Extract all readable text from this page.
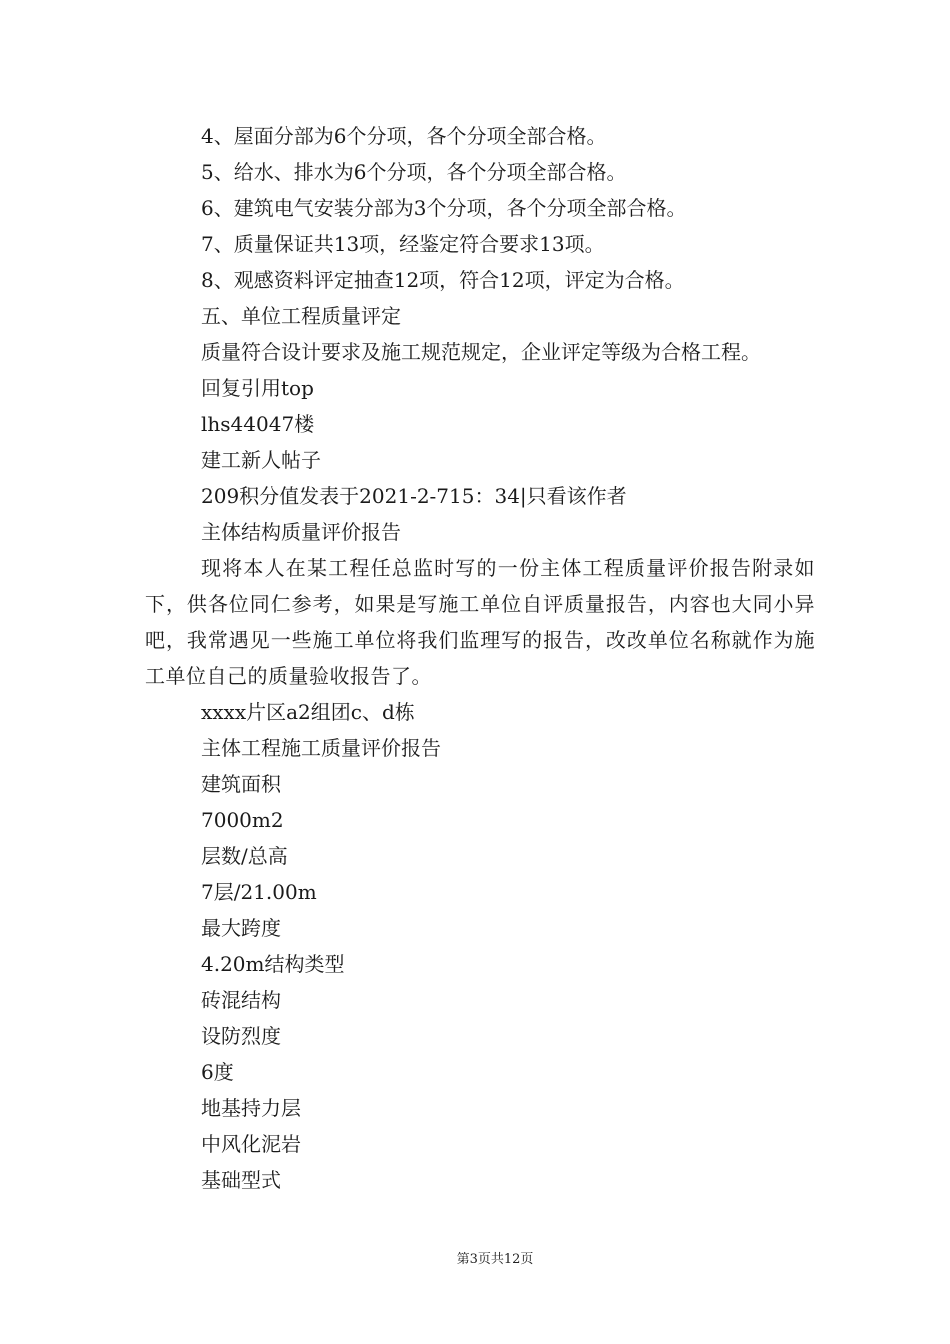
4、屋面分部为6个分项，各个分项全部合格。
5、给水、排水为6个分项，各个分项全部合格。
6、建筑电气安装分部为3个分项，各个分项全部合格。
7、质量保证共13项，经鉴定符合要求13项。
8、观感资料评定抽查12项，符合12项，评定为合格。
五、单位工程质量评定
质量符合设计要求及施工规范规定，企业评定等级为合格工程。
回复引用top
lhs44047楼
建工新人帖子
209积分值发表于2021-2-715：34|只看该作者
主体结构质量评价报告
现将本人在某工程任总监时写的一份主体工程质量评价报告附录如下，供各位同仁参考，如果是写施工单位自评质量报告，内容也大同小异吧，我常遇见一些施工单位将我们监理写的报告，改改单位名称就作为施工单位自己的质量验收报告了。
xxxx片区a2组团c、d栋
主体工程施工质量评价报告
建筑面积
7000m2
层数/总高
7层/21.00m
最大跨度
4.20m结构类型
砖混结构
设防烈度
6度
地基持力层
中风化泥岩
基础型式
第3页共12页
